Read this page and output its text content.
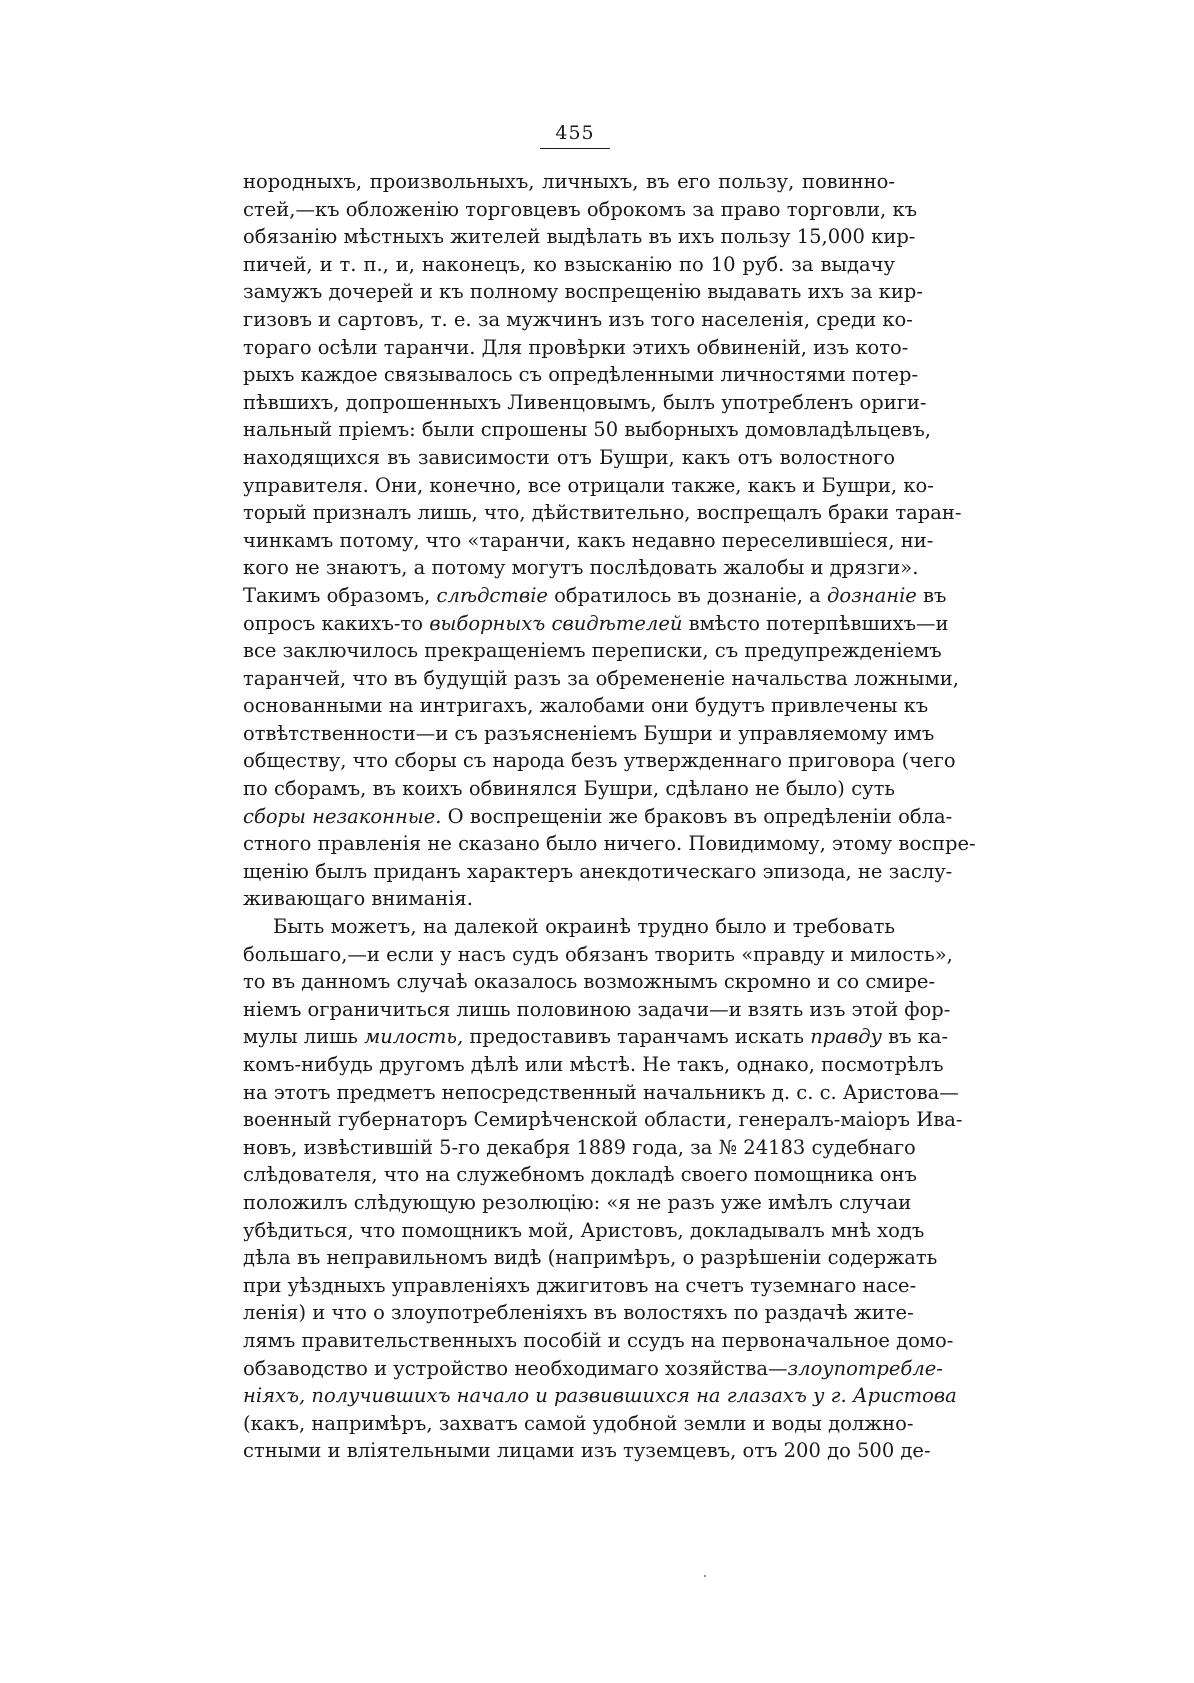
455
нородныхъ, произвольныхъ, личныхъ, въ его пользу, повинно-
стей,—къ обложенію торговцевъ оброкомъ за право торговли, къ
обязанію мѣстныхъ жителей выдѣлать въ ихъ пользу 15,000 кир-
пичей, и т. п., и, наконецъ, ко взысканію по 10 руб. за выдачу
замужъ дочерей и къ полному воспрещенію выдавать ихъ за кир-
гизовъ и сартовъ, т. е. за мужчинъ изъ того населенія, среди ко-
тораго осѣли таранчи. Для провѣрки этихъ обвиненій, изъ кото-
рыхъ каждое связывалось съ опредѣленными личностями потер-
пѣвшихъ, допрошенныхъ Ливенцовымъ, былъ употребленъ ориги-
нальный пріемъ: были спрошены 50 выборныхъ домовладѣльцевъ,
находящихся въ зависимости отъ Бушри, какъ отъ волостного
управителя. Они, конечно, все отрицали также, какъ и Бушри, ко-
торый призналъ лишь, что, дѣйствительно, воспрещалъ браки таран-
чинкамъ потому, что «таранчи, какъ недавно переселившіеся, ни-
кого не знаютъ, а потому могутъ послѣдовать жалобы и дрязги».
Такимъ образомъ, слѣдствіе обратилось въ дознаніе, а дознаніе въ
опросъ какихъ-то выборныхъ свидѣтелей вмѣсто потерпѣвшихъ—и
все заключилось прекращеніемъ переписки, съ предупрежденіемъ
таранчей, что въ будущій разъ за обремененіе начальства ложными,
основанными на интригахъ, жалобами они будутъ привлечены къ
отвѣтственности—и съ разъясненіемъ Бушри и управляемому имъ
обществу, что сборы съ народа безъ утвержденнаго приговора (чего
по сборамъ, въ коихъ обвинялся Бушри, сдѣлано не было) суть
сборы незаконные. О воспрещеніи же браковъ въ опредѣленіи обла-
стного правленія не сказано было ничего. Повидимому, этому воспре-
щенію былъ приданъ характеръ анекдотическаго эпизода, не заслу-
живающаго вниманія.
Быть можетъ, на далекой окраинѣ трудно было и требовать
большаго,—и если у насъ судъ обязанъ творить «правду и милость»,
то въ данномъ случаѣ оказалось возможнымъ скромно и со смире-
ніемъ ограничиться лишь половиною задачи—и взять изъ этой фор-
мулы лишь милость, предоставивъ таранчамъ искать правду въ ка-
комъ-нибудь другомъ дѣлѣ или мѣстѣ. Не такъ, однако, посмотрѣлъ
на этотъ предметъ непосредственный начальникъ д. с. с. Аристова—
военный губернаторъ Семирѣченской области, генералъ-маіоръ Ива-
новъ, извѣстившій 5-го декабря 1889 года, за № 24183 судебнаго
слѣдователя, что на служебномъ докладѣ своего помощника онъ
положилъ слѣдующую резолюцію: «я не разъ уже имѣлъ случаи
убѣдиться, что помощникъ мой, Аристовъ, докладывалъ мнѣ ходъ
дѣла въ неправильномъ видѣ (напримѣръ, о разрѣшеніи содержать
при уѣздныхъ управленіяхъ джигитовъ на счетъ туземнаго насе-
ленія) и что о злоупотребленіяхъ въ волостяхъ по раздачѣ жите-
лямъ правительственныхъ пособій и ссудъ на первоначальное домо-
обзаводство и устройство необходимаго хозяйства—злоупотребле-
ніяхъ, получившихъ начало и развившихся на глазахъ у г. Аристова
(какъ, напримѣръ, захватъ самой удобной земли и воды должно-
стными и вліятельными лицами изъ туземцевъ, отъ 200 до 500 де-
